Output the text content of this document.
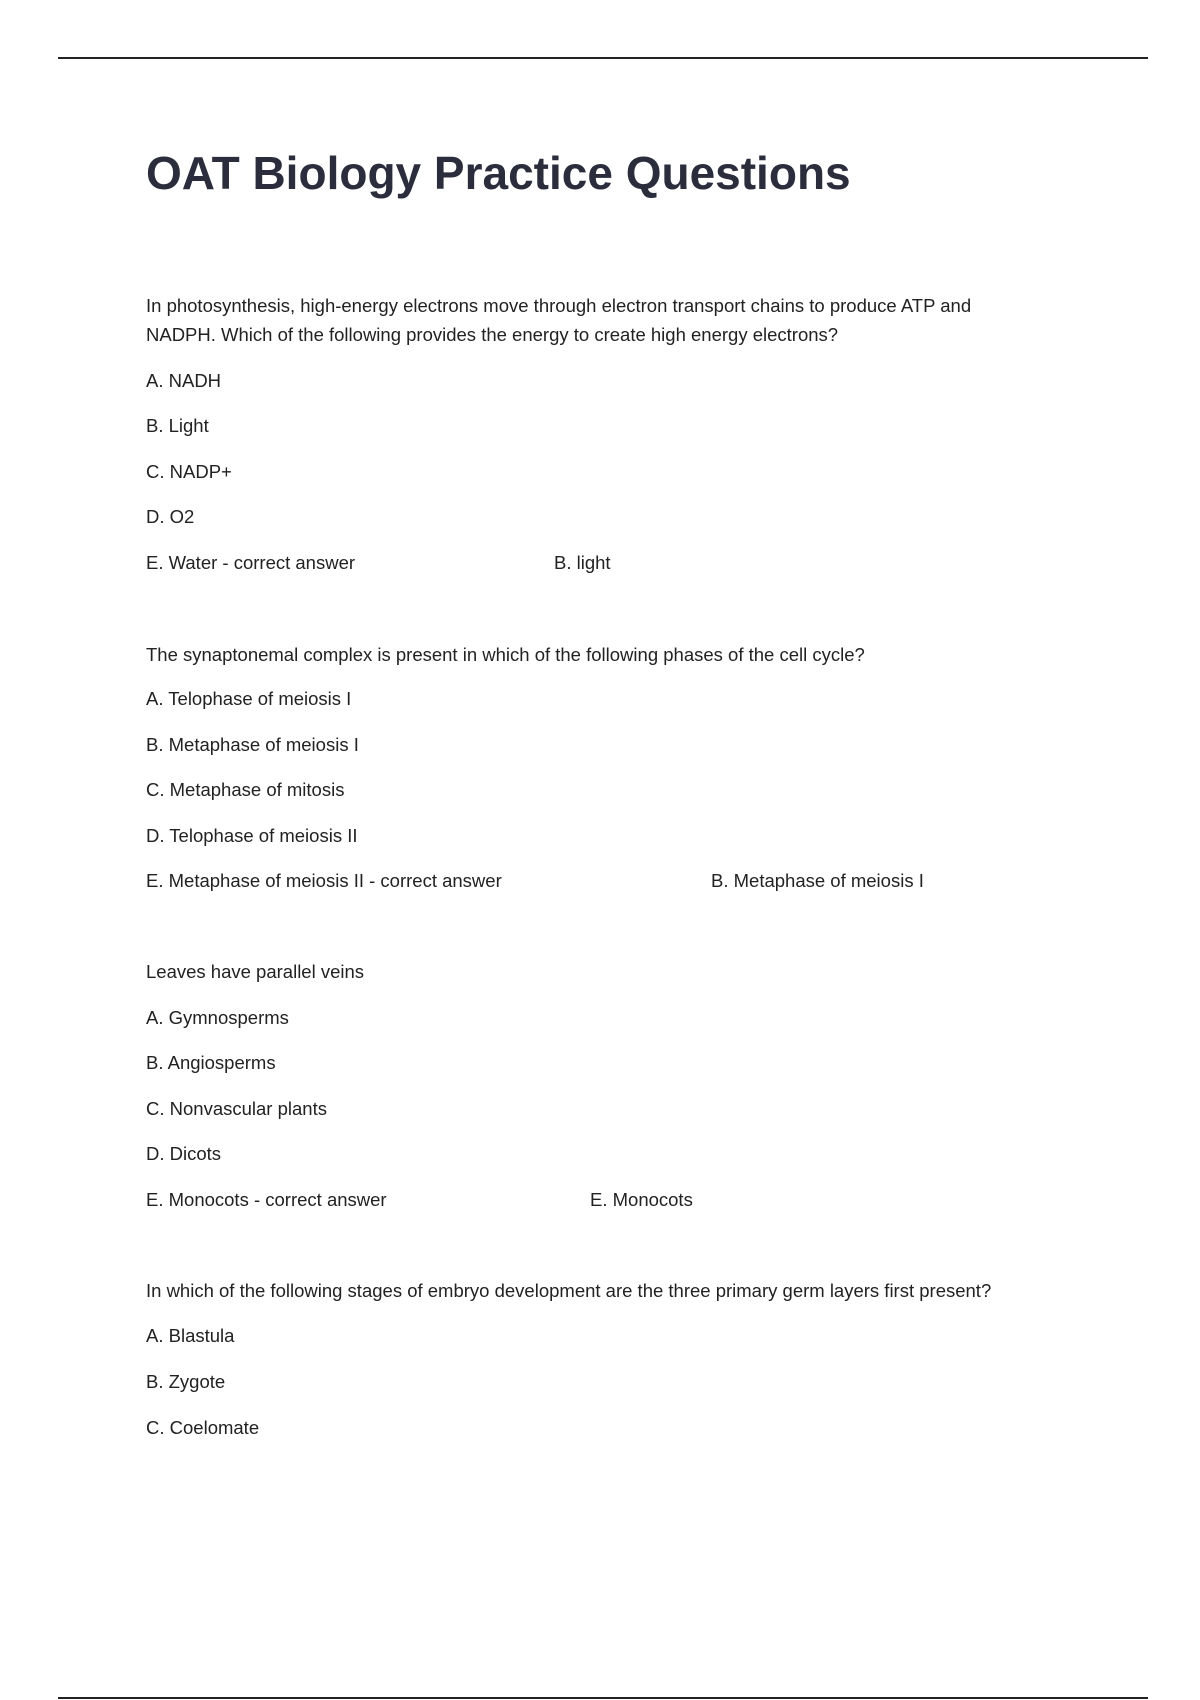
OAT Biology Practice Questions
In photosynthesis, high-energy electrons move through electron transport chains to produce ATP and
NADPH. Which of the following provides the energy to create high energy electrons?
A. NADH
B. Light
C. NADP+
D. O2
E. Water - correct answer	B. light
The synaptonemal complex is present in which of the following phases of the cell cycle?
A. Telophase of meiosis I
B. Metaphase of meiosis I
C. Metaphase of mitosis
D. Telophase of meiosis II
E. Metaphase of meiosis II - correct answer	B. Metaphase of meiosis I
Leaves have parallel veins
A. Gymnosperms
B. Angiosperms
C. Nonvascular plants
D. Dicots
E. Monocots - correct answer	E. Monocots
In which of the following stages of embryo development are the three primary germ layers first present?
A. Blastula
B. Zygote
C. Coelomate
